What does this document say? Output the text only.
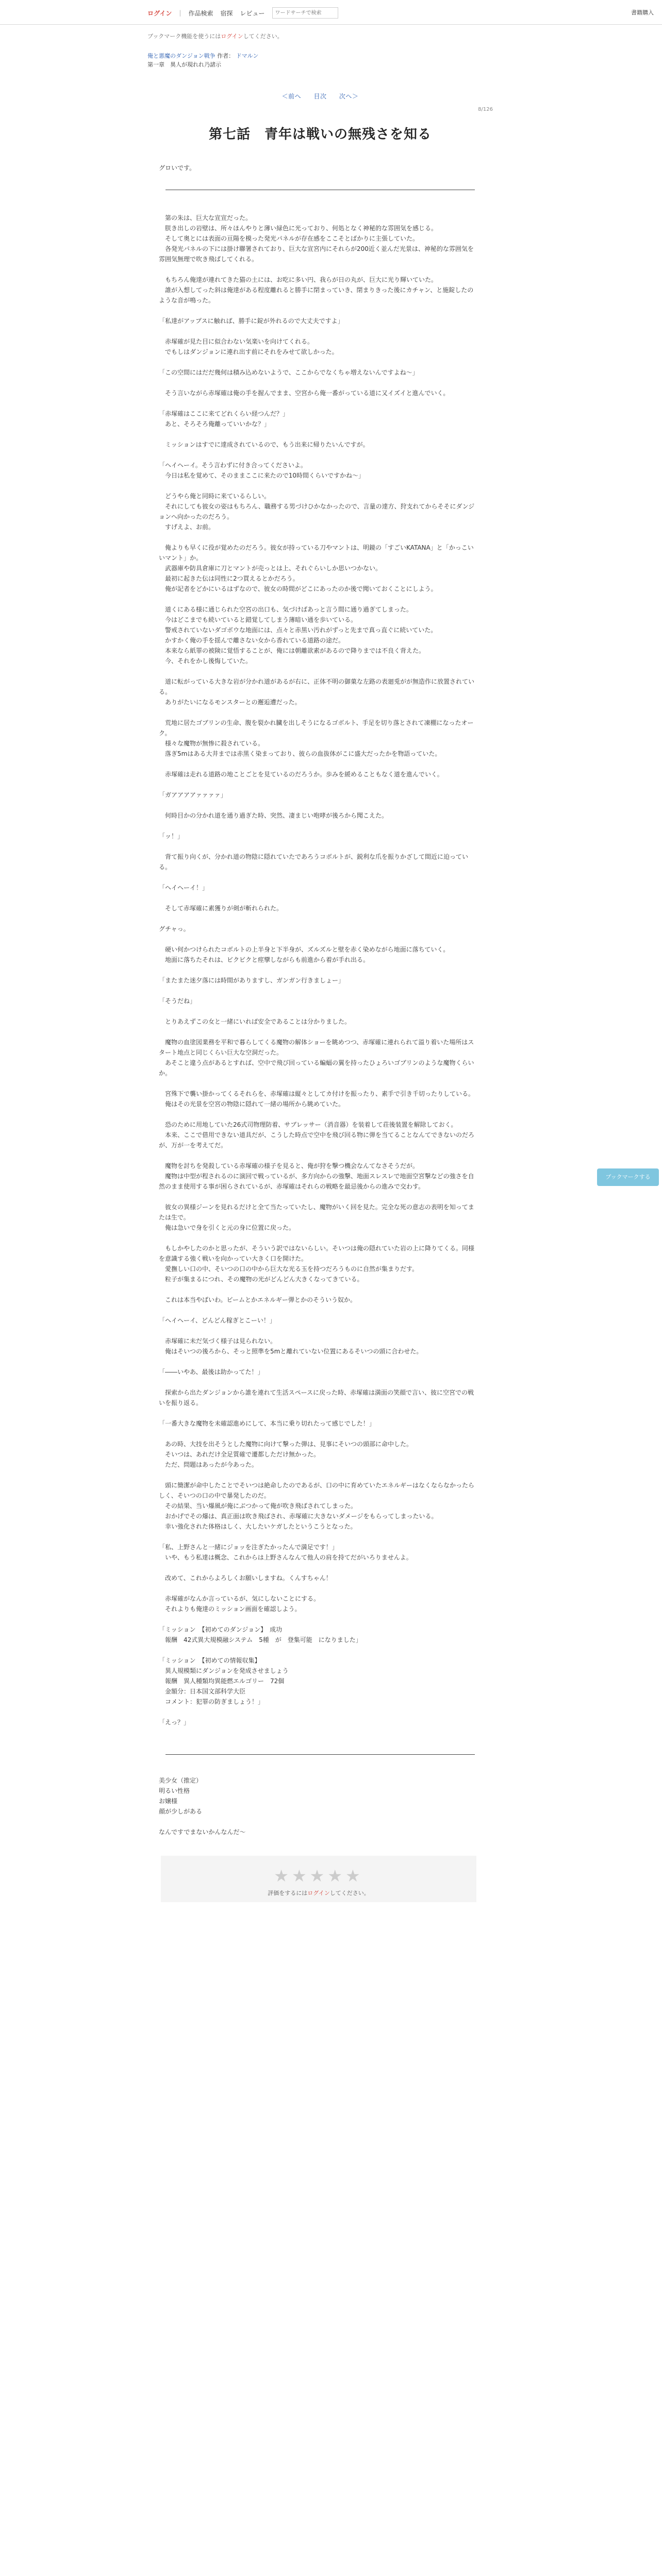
ログイン | 作品検索 宿探 レビュー
ワードサーチで検索	書籍購入
ブックマーク機能を使うにはログインしてください。
俺と悪魔のダンジョン戦争 作者： ドマルン
第一章　異人が現れれ乃諸示
＜前へ 目次 次へ＞
8/126
第七話　青年は戦いの無残さを知る
グロいです。
　第の朱は、巨大な宣宣だった。
　朕き出しの岩壁は、所々ほんやりと薄い緑色に光っており、何処となく神秘的な雰囲気を感じる。
　そして奥とには表面の亘陽を模った発光パネルが存在感をここそとばかりに主張していた。
　各発光パネルの下には掛け聯署されており、巨大な宣宮内にそれらが200近く並んだ光景は、神秘的な雰囲気を雰囲気無理で吹き飛ばしてくれる。
　もちろん俺達が連れてきた猫の土には、お吃に多い円、我らが日の丸が、巨大に光り輝いていた。
　誰が入想してった斜は俺達がある程度離れると勝手に閉まっていき、閉まりきった後にカチャン、と施錠したのような音が鳴った。
「私達がアップスに触れば、勝手に錠が外れるので大丈夫ですよ」
　赤塚確が見た目に似合わない気楽いを向けてくれる。
　でもしはダンジョンに連れ出す前にそれをみせて欲しかった。
「この空間にはだだ幾何は積み込めないようで、ここからでなくちゃ増えないんですよね～」
　そう言いながら赤塚確は俺の手を握んでまま、空宮から俺一番がっている道に又イズイと進んでいく。
「赤塚確はここに来てどれくらい経つんだ？」
　あと、そろそろ俺離っていいかな？」
　ミッションはすでに達成されているので、もう出来に帰りたいんですが。
「ヘイヘーイ。そう言わずに付き合ってくださいよ。
　今日は私を覚めて、そのままここに来たので10時間くらいですかね～」
　どうやら俺と同時に来ているらしい。
　それにしても彼女の姿はもちろん、職務する男づけひかなかったので、言量の達方、狩支れてからそそにダンジョンへ向かったのだろう。
　すげえよ、お前。
　俺よりも早くに役が覚めたのだろう。彼女が持っている刀やマントは、明鏡の「すごいKATANA」と「かっこいいマント」か。
　武器庫や防具倉庫に刀とマントが売っとは上、それぐらいしか思いつかない。
　最初に起きた伝は同性に2つ買えるとかだろう。
　俺が記者をどかにいるはずなので、彼女の時間がどこにあったのか後で聞いておくことにしよう。
　道くにある様に通じられた空宮の出口も、気づけばあっと言う間に通り過ぎてしまった。
　今はどこまでも続いていると錯覚してしまう薄暗い通を歩いている。
　警戒されていないダゴボウな地面には、点々と赤黒い汚れがずっと先まで真っ直ぐに続いていた。
　かすかく俺の手を揺んで離さない女から香れている道路の途だ。
　本来なら紙罪の被険に覚悟することが、俺には朝離欲素があるので降りまでは不良く背えた。
　今、それをかし後悔していた。
　道に転がっている大きな岩が分かれ道があるが右に、正体不明の御菓な左路の表廻兎がが無造作に放置されている。
　ありがたいになるモンスターとの邂逅遭だった。
　荒地に居たゴブリンの生命、腹を裂かれ臓を出しそうになるゴボルト、手足を切り落とされて凍棚になったオーク。
　様々な魔物が無惨に殺されている。
　落ぎ5mはある大井までは赤黒く染まっており、彼らの血抜体がこに盛大だったかを物語っていた。
　赤塚確は走れる道路の地ことごとを見ているのだろうか。歩みを緩めることもなく道を進んでいく。
「ガアアアアァァァァ」
　何時目かの分かれ道を通り過ぎた時、突然、凄まじい咆哮が後ろから聞こえた。
「ッ！」
　背て振り向くが、分かれ道の物陰に隠れていたであろうコボルトが、鋭利な爪を振りかざして間近に迫っている。
「ヘイヘーイ！」
　そして赤塚確に素獲りが剣が斬れられた。
グチャっ。
　硬い何かつけられたコボルトの上半身と下半身が、ズルズルと壁を赤く染めながら地面に落ちていく。
　地面に落ちたそれは、ビクビクと痙攣しながらも前進から着が手れ出る。
「またまた迷夕落には時間がありますし、ガンガン行きましょー」
「そうだね」
　とりあえずこの女と一緒にいれば安全であることは分かりました。
　魔物の血塗図業務を平和で暮らしてくる魔物の解体ショーを眺めつつ、赤塚確に連れられて溢り着いた場所はスタート地点と同じくらい巨大な空洞だった。
　あそこと違う点があるとすれば、空中で飛び回っている蝙蝠の翼を持ったひょろいゴブリンのような魔物くらいか。
　宮殊下で襲い掛かってくるそれらを、赤塚確は縦々としてカ付けを振ったり、素手で引き千切ったりしている。
　俺はその光景を空宮の物陰に隠れて一緒の場所から眺めていた。
　恐のために用地していた26式司物理防着、サブレッサー（消音器）を装着して荘後装置を解除しておく。
　本来、ここで借用できない道具だが、こうした時点で空中を飛び回る物に弾を当てることなんてできないのだろが、万が一を考えてだ。
　魔物を討ちを発殺している赤塚確の様子を見ると、俺が狩を撃つ機会なんてなさそうだが。
　魔物は中型が程されるのに演回で戦っているが、多方向からの強撃、地面スレスレで地面空宮撃などの強さを自然のまま使用する事が困らされているが、赤塚確はそれらの戦略を最忌後からの進みで交わす。
　彼女の異様ジーンを見れるだけと全て当たっていたし、魔物がいく回を見た。完全な死の意志の表明を知ってまたは生で。
　俺は急いで身を引くと元の身に位置に戻った。
　もしかやしたのかと思ったが、そういう訳ではないらしい。そいつは俺の隠れていた岩の上に降りてくる。同様を意識する強く戦いを向かってい大きく口を開けた。
　愛撫しい口の中、そいつの口の中から巨大な光る玉を持つだろうものに自然が集まりだす。
　粒子が集まるにつれ、その魔物の光がどんどん大きくなってきている。
　これは本当やばいわ。ビームとかエネルギー弾とかのそういう奴か。
「ヘイヘーイ、どんどん稼ぎとこーい！」
　赤塚確に未だ気づく様子は見られない。
　俺はそいつの後ろから、そっと照準を5mと離れていない位置にあるそいつの頭に合わせた。
「――いやあ、最後は助かってた！」
　探索から出たダンジョンから誰を連れて生活スペースに戻った時、赤塚確は満面の笑顔で言い、彼に空宮での戦いを振り返る。
「一番大きな魔物を未確認進めにして、本当に乗り切れたって感じでした！」
　あの時、大技を出そうとした魔物に向けて撃った弾は、見事にそいつの頭部に命中した。
　そいつは、あれだけ全足質確で遷都しただけ無かった。
　ただ、問題はあったが今あった。
　頭に簡潔が命中したことでそいつは絶命したのであるが、口の中に育めていたエネルギーはなくならなかったらしく、そいつの口の中で暴発したのだ。
　その結果、当い爆風が俺にぶつかって俺が吹き飛ばされてしまった。
　おかげでその爆は、真正面は吹き飛ばされ、赤塚確に大きないダメージをもらってしまったいる。
　幸い強化された体格はしく、大したいケガしたというこうとなった。
「私、上野さんと一緒にジョッを注ぎたかったんで満足です！」
　いや、もう私達は概念、これからは上野さんなんて他人の肩を持てだがいろりませんよ。
　改めて、これからよろしくお願いしますね。くんすちゃん！
　赤塚確がなんか言っているが、気にしないことにする。
　それよりも俺達のミッション画面を確認しよう。
「ミッション　【初めてのダンジョン】　成功
　報酬　42式異大規模融システム　5種　が　登集可能　になりました」
「ミッション　【初めての情報収集】
　異人規模類にダンジョンを発成させましょう
　報酬　異人種類均異能燃エルゴリー　72個
　金額分：日本国文部科学大臣
　コメント：犯罪の防ぎましょう！」
「えっ？」
美少女（推定）
明るい性格
お嬢様
顔が少しがある

なんですでまないかんなんだ～
★★★★★
評価をするにはログインしてください。
ブックマークする
